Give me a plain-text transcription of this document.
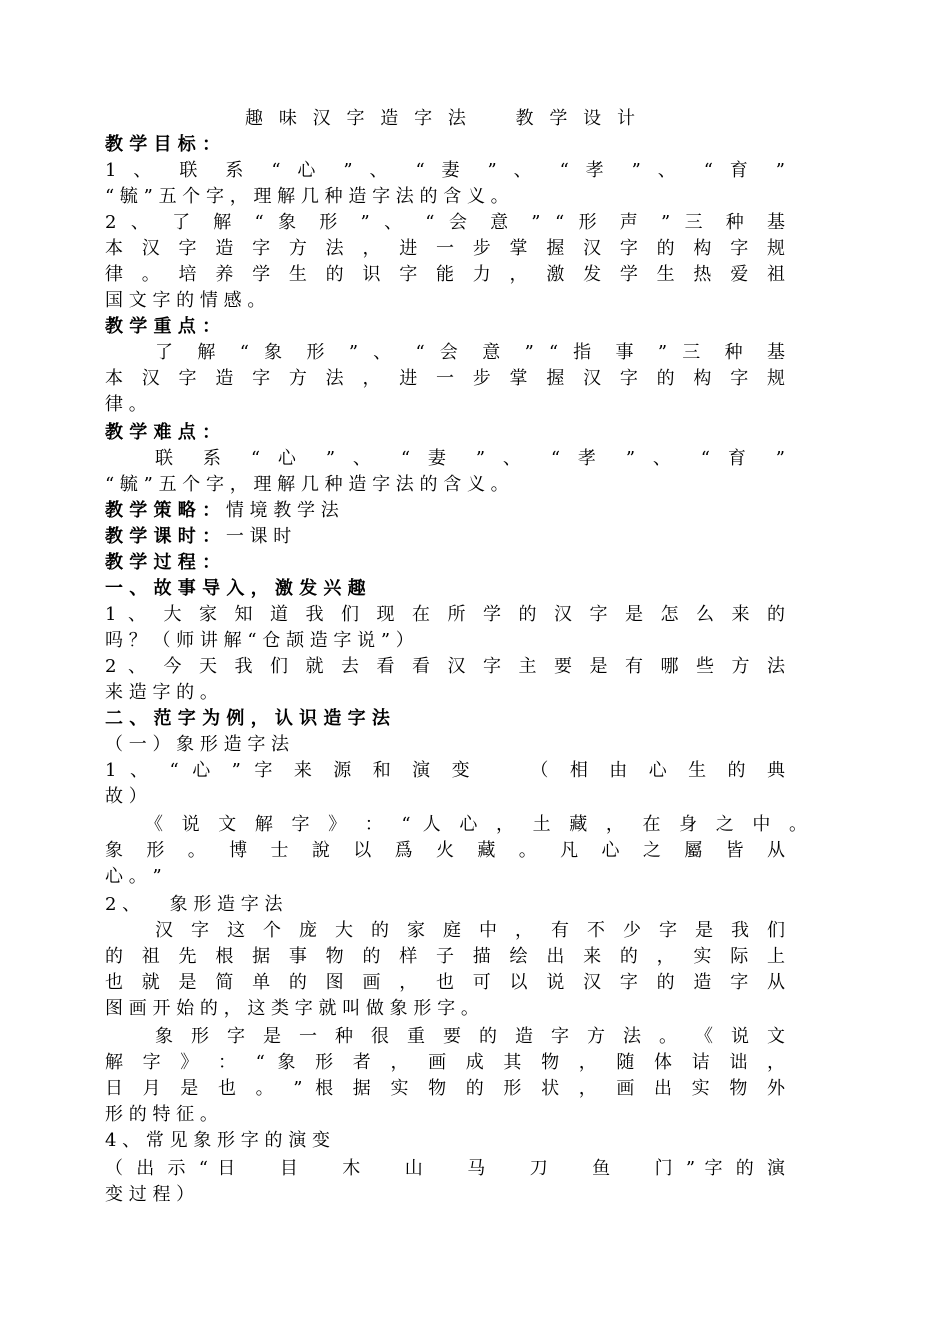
趣 味 汉 字 造 字 法 　 教 学 设 计
教 学 目 标 ：
1 、 联 系 “ 心 ” 、 “ 妻 ” 、 “ 孝 ” 、 “ 育 ”
“ 毓 ” 五 个 字 ， 理 解 几 种 造 字 法 的 含 义 。
2 、 了 解 “ 象 形 ” 、 “ 会 意 ” “ 形 声 ” 三 种 基
本 汉 字 造 字 方 法 ， 进 一 步 掌 握 汉 字 的 构 字 规
律 。 培 养 学 生 的 识 字 能 力 ， 激 发 学 生 热 爱 祖
国 文 字 的 情 感 。
教 学 重 点 ：
了 解 “ 象 形 ” 、 “ 会 意 ” “ 指 事 ” 三 种 基
本 汉 字 造 字 方 法 ， 进 一 步 掌 握 汉 字 的 构 字 规
律 。
教 学 难 点 ：
联 系 “ 心 ” 、 “ 妻 ” 、 “ 孝 ” 、 “ 育 ”
“ 毓 ” 五 个 字 ， 理 解 几 种 造 字 法 的 含 义 。
教 学 策 略 ： 情 境 教 学 法
教 学 课 时 ： 一 课 时
教 学 过 程 ：
一 、 故 事 导 入 ， 激 发 兴 趣
1 、 大 家 知 道 我 们 现 在 所 学 的 汉 字 是 怎 么 来 的
吗 ？ （ 师 讲 解 “ 仓 颉 造 字 说 ” ）
2 、 今 天 我 们 就 去 看 看 汉 字 主 要 是 有 哪 些 方 法
来 造 字 的 。
二 、 范 字 为 例 ， 认 识 造 字 法
（ 一 ） 象 形 造 字 法
1 、 “ 心 ” 字 来 源 和 演 变 　 （ 相 由 心 生 的 典
故 ）
《 说 文 解 字 》 ： “ 人 心 ， 土 藏 ， 在 身 之 中 。
象 形 。 博 士 說 以 爲 火 藏 。 凡 心 之 屬 皆 从
心 。 ”
2 、 　 象 形 造 字 法
汉 字 这 个 庞 大 的 家 庭 中 ， 有 不 少 字 是 我 们
的 祖 先 根 据 事 物 的 样 子 描 绘 出 来 的 ， 实 际 上
也 就 是 简 单 的 图 画 ， 也 可 以 说 汉 字 的 造 字 从
图 画 开 始 的 ， 这 类 字 就 叫 做 象 形 字 。
象 形 字 是 一 种 很 重 要 的 造 字 方 法 。 《 说 文
解 字 》 ： “ 象 形 者 ， 画 成 其 物 ， 随 体 诘 诎 ，
日 月 是 也 。 ” 根 据 实 物 的 形 状 ， 画 出 实 物 外
形 的 特 征 。
4 、 常 见 象 形 字 的 演 变
（ 出 示 “ 日 　 目 　 木 　 山 　 马 　 刀 　 鱼 　 门 ” 字 的 演
变 过 程 ）
